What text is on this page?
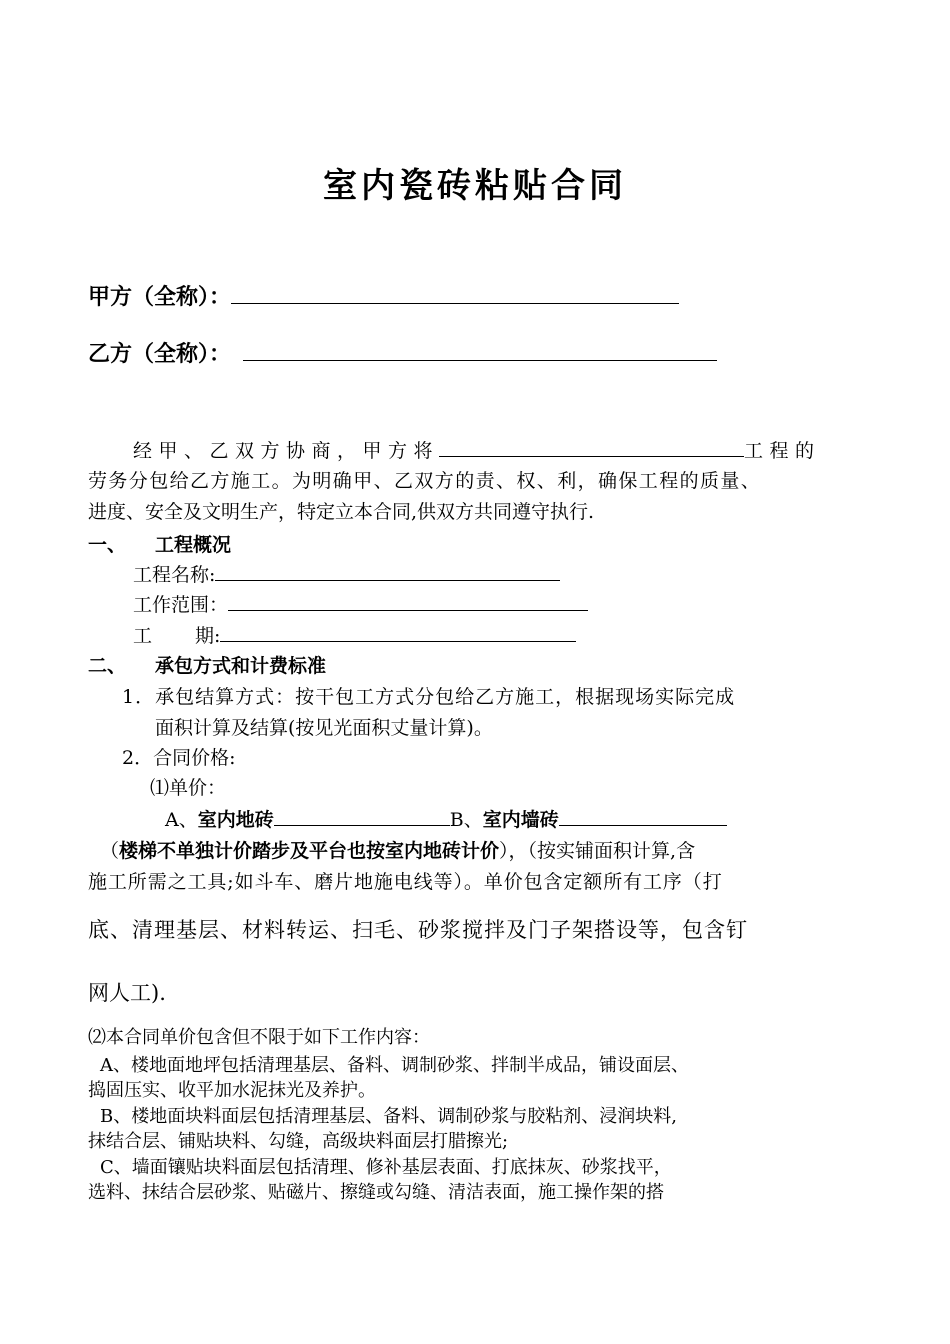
室内瓷砖粘贴合同
甲方（全称）：
乙方（全称）：
经甲、乙双方协商，甲方将	工程的
劳务分包给乙方施工。为明确甲、乙双方的责、权、利，确保工程的质量、
进度、安全及文明生产，特定立本合同,供双方共同遵守执行.
一、 工程概况
工程名称:
工作范围：
工 期:
二、 承包方式和计费标准
1．承包结算方式：按干包工方式分包给乙方施工，根据现场实际完成
面积计算及结算(按见光面积丈量计算)。
2．合同价格:
⑴单价：
A、室内地砖	B、室内墙砖
（楼梯不单独计价踏步及平台也按室内地砖计价），（按实铺面积计算,含
施工所需之工具;如斗车、磨片地施电线等）。单价包含定额所有工序（打
底、清理基层、材料转运、扫毛、砂浆搅拌及门子架搭设等，包含钉
网人工).
⑵本合同单价包含但不限于如下工作内容：
A、楼地面地坪包括清理基层、备料、调制砂浆、拌制半成品，铺设面层、
捣固压实、收平加水泥抹光及养护。
B、楼地面块料面层包括清理基层、备料、调制砂浆与胶粘剂、浸润块料,
抹结合层、铺贴块料、勾缝，高级块料面层打腊擦光;
C、墙面镶贴块料面层包括清理、修补基层表面、打底抹灰、砂浆找平，
选料、抹结合层砂浆、贴磁片、擦缝或勾缝、清洁表面，施工操作架的搭
